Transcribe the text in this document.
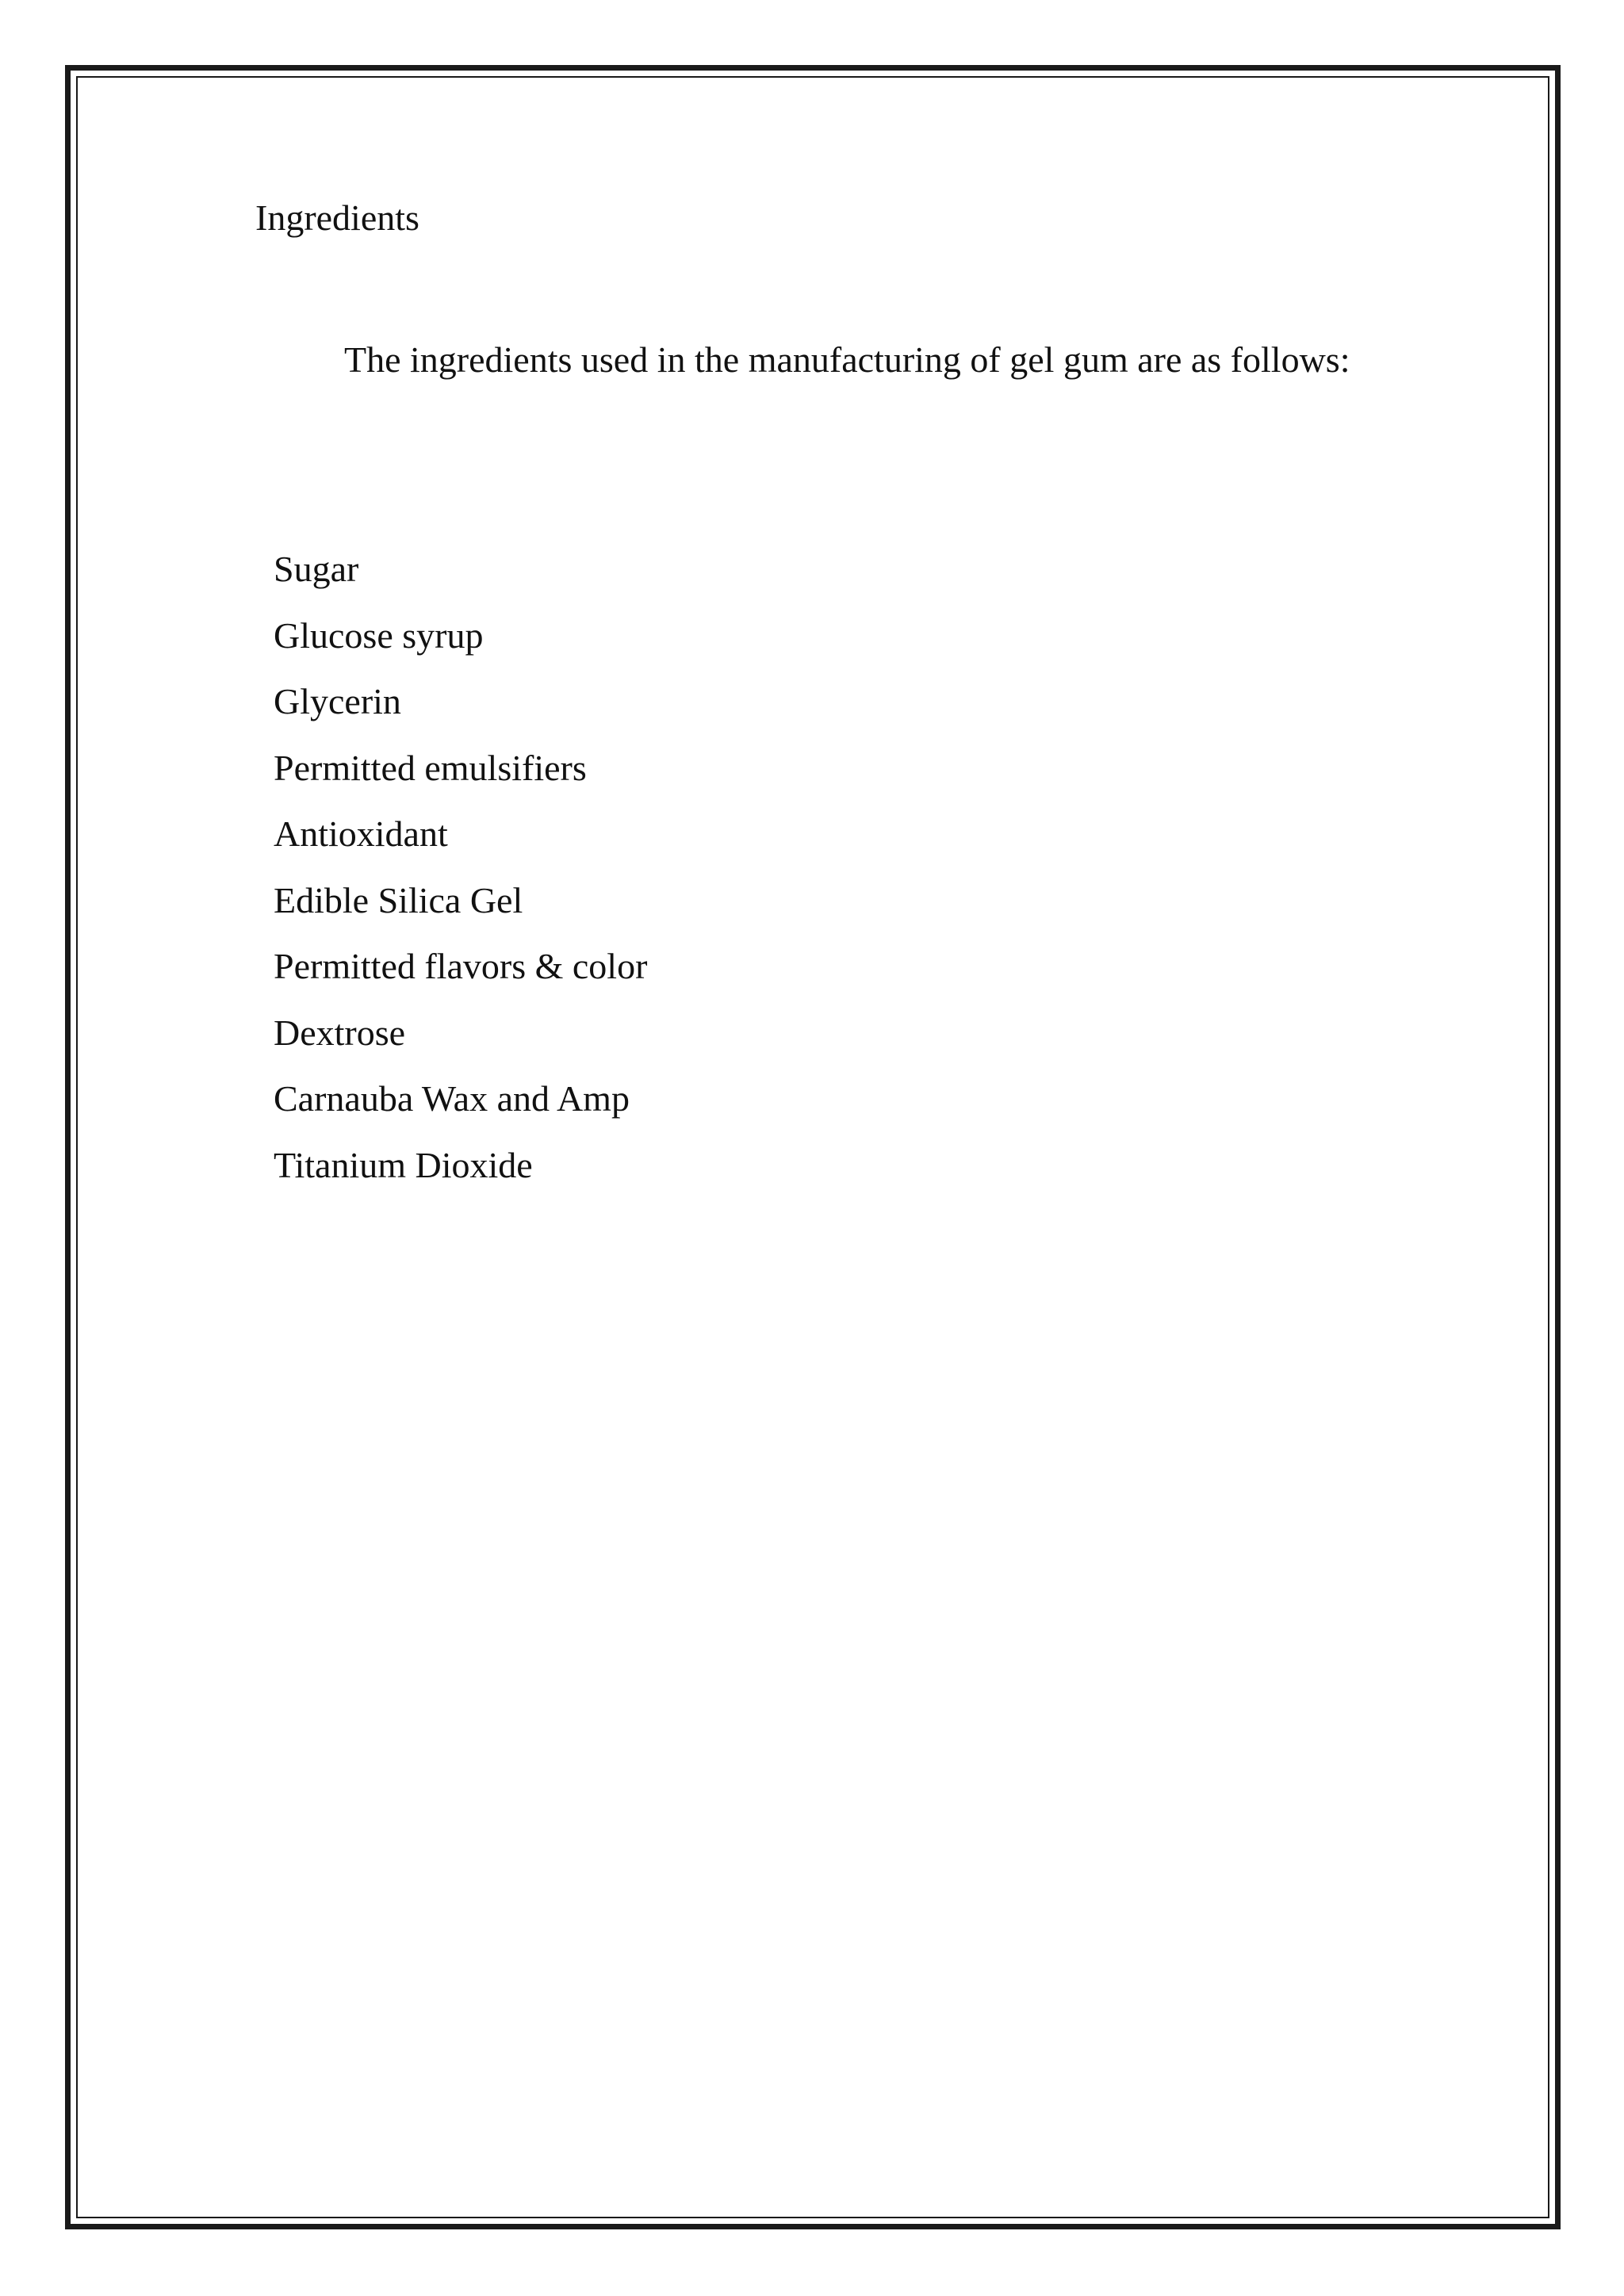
Ingredients

The ingredients used in the manufacturing of gel gum are as follows:

Sugar
Glucose syrup
Glycerin
Permitted emulsifiers
Antioxidant
Edible Silica Gel
Permitted flavors & color
Dextrose
Carnauba Wax and Amp
Titanium Dioxide
